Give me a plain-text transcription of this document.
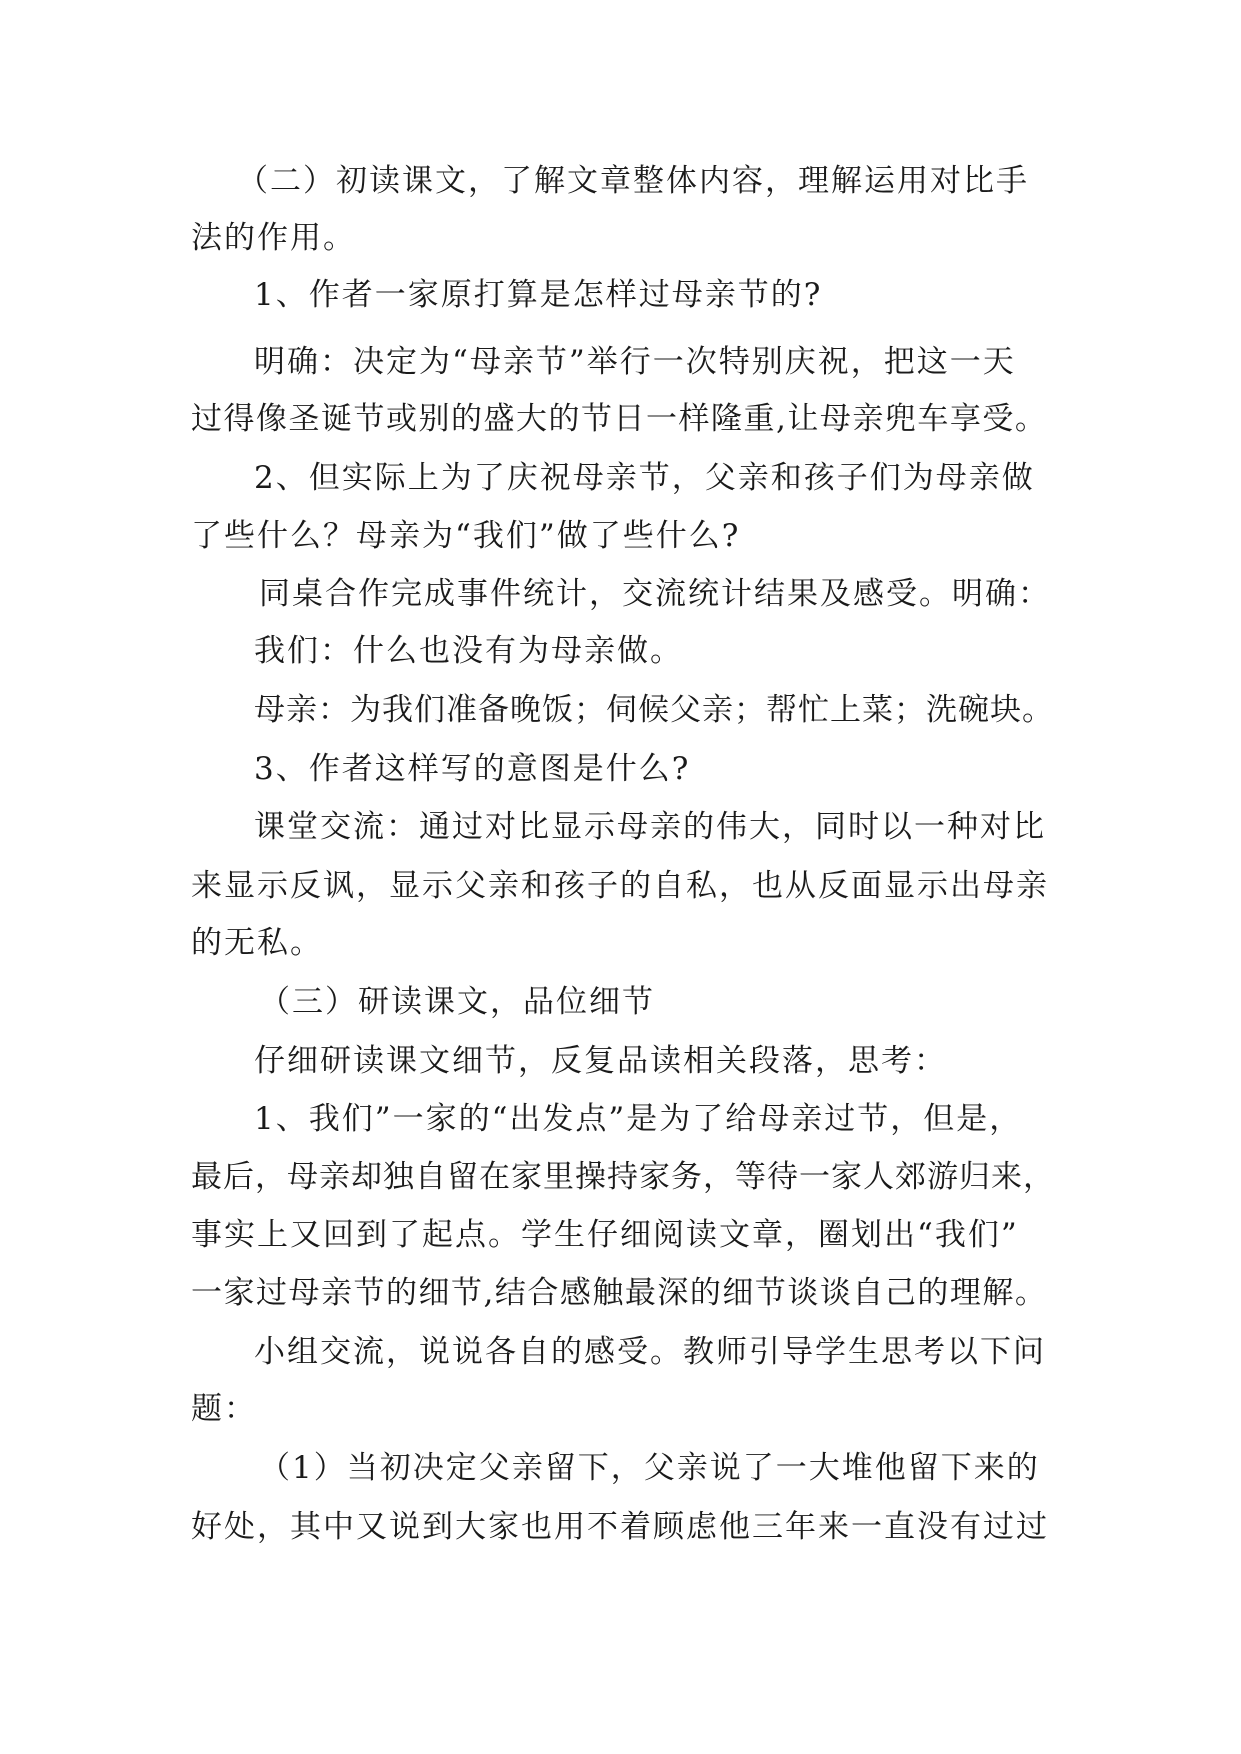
（二）初读课文，了解文章整体内容，理解运用对比手
法的作用。
1、作者一家原打算是怎样过母亲节的?
明确：决定为“母亲节”举行一次特别庆祝，把这一天
过得像圣诞节或别的盛大的节日一样隆重,让母亲兜车享受。
2、但实际上为了庆祝母亲节，父亲和孩子们为母亲做
了些什么？母亲为“我们”做了些什么?
同桌合作完成事件统计，交流统计结果及感受。明确：
我们：什么也没有为母亲做。
母亲：为我们准备晚饭；伺候父亲；帮忙上菜；洗碗块。
3、作者这样写的意图是什么?
课堂交流：通过对比显示母亲的伟大，同时以一种对比
来显示反讽，显示父亲和孩子的自私，也从反面显示出母亲
的无私。
（三）研读课文，品位细节
仔细研读课文细节，反复品读相关段落，思考：
1、我们”一家的“出发点”是为了给母亲过节，但是，
最后，母亲却独自留在家里操持家务，等待一家人郊游归来，
事实上又回到了起点。学生仔细阅读文章，圈划出“我们”
一家过母亲节的细节,结合感触最深的细节谈谈自己的理解。
小组交流，说说各自的感受。教师引导学生思考以下问
题：
（1）当初决定父亲留下，父亲说了一大堆他留下来的
好处，其中又说到大家也用不着顾虑他三年来一直没有过过
